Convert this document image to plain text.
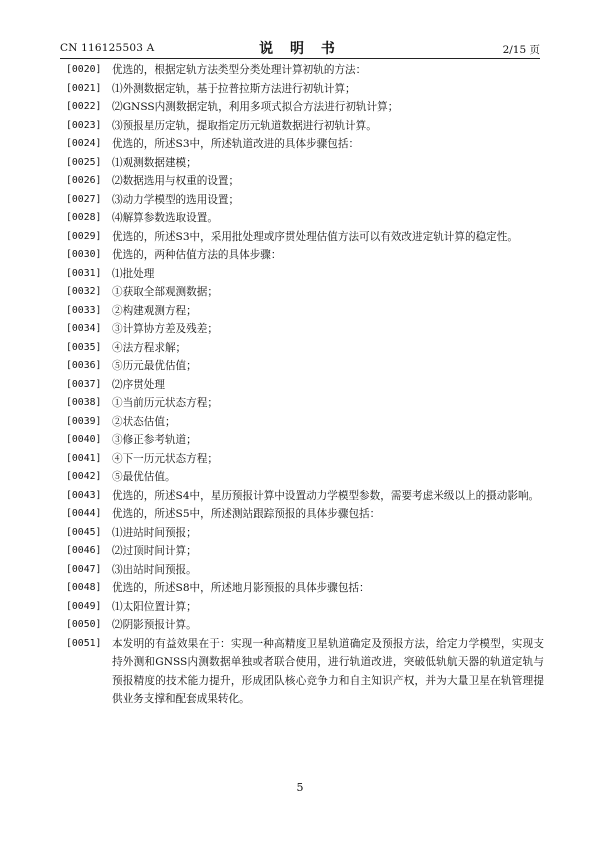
CN 116125503 A	说 明 书	2/15 页
[0020] 优选的，根据定轨方法类型分类处理计算初轨的方法：
[0021] ⑴外测数据定轨，基于拉普拉斯方法进行初轨计算；
[0022] ⑵GNSS内测数据定轨，利用多项式拟合方法进行初轨计算；
[0023] ⑶预报星历定轨，提取指定历元轨道数据进行初轨计算。
[0024] 优选的，所述S3中，所述轨道改进的具体步骤包括：
[0025] ⑴观测数据建模；
[0026] ⑵数据选用与权重的设置；
[0027] ⑶动力学模型的选用设置；
[0028] ⑷解算参数选取设置。
[0029] 优选的，所述S3中，采用批处理或序贯处理估值方法可以有效改进定轨计算的稳定性。
[0030] 优选的，两种估值方法的具体步骤：
[0031] ⑴批处理
[0032] ①获取全部观测数据；
[0033] ②构建观测方程；
[0034] ③计算协方差及残差；
[0035] ④法方程求解；
[0036] ⑤历元最优估值；
[0037] ⑵序贯处理
[0038] ①当前历元状态方程；
[0039] ②状态估值；
[0040] ③修正参考轨道；
[0041] ④下一历元状态方程；
[0042] ⑤最优估值。
[0043] 优选的，所述S4中，星历预报计算中设置动力学模型参数，需要考虑米级以上的摄动影响。
[0044] 优选的，所述S5中，所述测站跟踪预报的具体步骤包括：
[0045] ⑴进站时间预报；
[0046] ⑵过顶时间计算；
[0047] ⑶出站时间预报。
[0048] 优选的，所述S8中，所述地月影预报的具体步骤包括：
[0049] ⑴太阳位置计算；
[0050] ⑵阴影预报计算。
[0051] 本发明的有益效果在于：实现一种高精度卫星轨道确定及预报方法，给定力学模型，实现支持外测和GNSS内测数据单独或者联合使用，进行轨道改进，突破低轨航天器的轨道定轨与预报精度的技术能力提升，形成团队核心竞争力和自主知识产权，并为大量卫星在轨管理提供业务支撑和配套成果转化。
5
